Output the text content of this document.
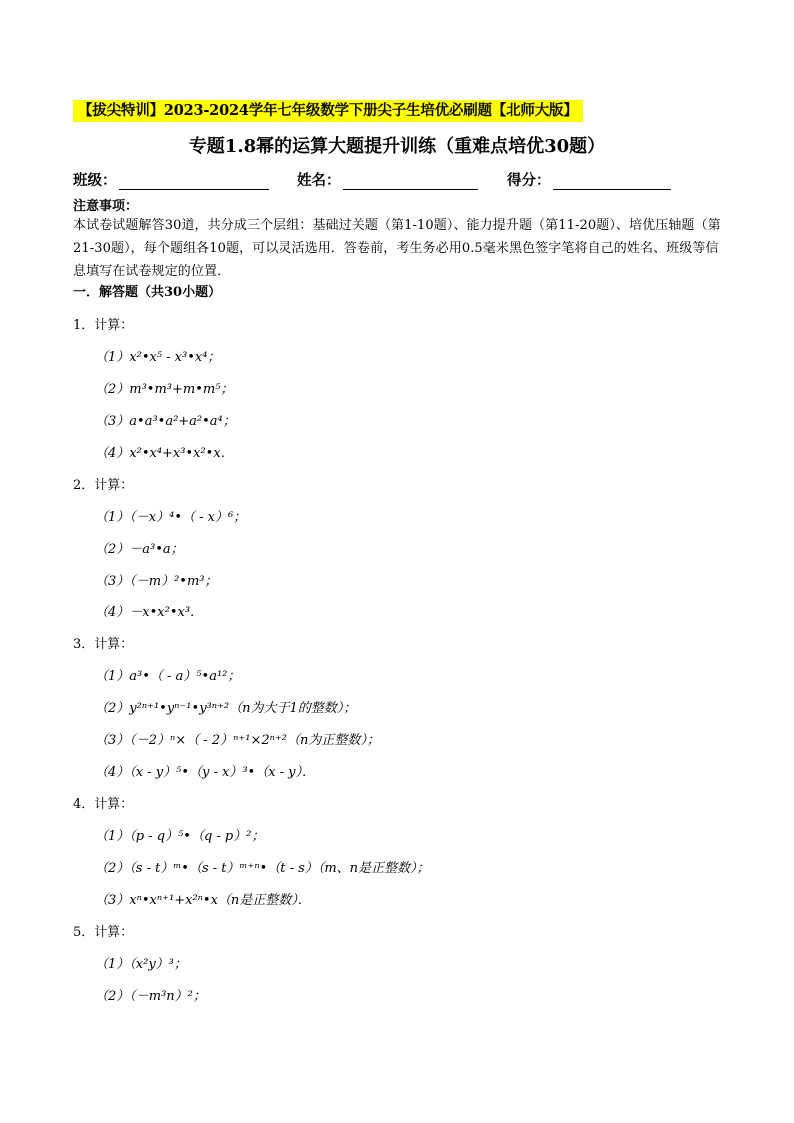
【拔尖特训】2023-2024学年七年级数学下册尖子生培优必刷题【北师大版】
专题1.8幂的运算大题提升训练（重难点培优30题）
班级：	姓名：	得分：
注意事项：
本试卷试题解答30道，共分成三个层组：基础过关题（第1-10题）、能力提升题（第11-20题）、培优压轴题（第21-30题），每个题组各10题，可以灵活选用．答卷前，考生务必用0.5毫米黑色签字笔将自己的姓名、班级等信息填写在试卷规定的位置．
一．解答题（共30小题）
1．计算：
（1）x²•x⁵ - x³•x⁴；
（2）m³•m³+m•m⁵；
（3）a•a³•a²+a²•a⁴；
（4）x²•x⁴+x³•x²•x．
2．计算：
（1）（－x）⁴•（ - x）⁶；
（2）－a³•a；
（3）（－m）²•m³；
（4）－x•x²•x³．
3．计算：
（1）a³•（ - a）⁵•a¹²；
（2）y²ⁿ⁺¹•yⁿ⁻¹•y³ⁿ⁺²（n为大于1的整数）；
（3）（－2）ⁿ×（ - 2）ⁿ⁺¹×2ⁿ⁺²（n为正整数）；
（4）（x - y）⁵•（y - x）³•（x - y）．
4．计算：
（1）（p - q）⁵•（q - p）²；
（2）（s - t）ᵐ•（s - t）ᵐ⁺ⁿ•（t - s）（m、n是正整数）；
（3）xⁿ•xⁿ⁺¹+x²ⁿ•x（n是正整数）．
5．计算：
（1）（x²y）³；
（2）（－m³n）²；
